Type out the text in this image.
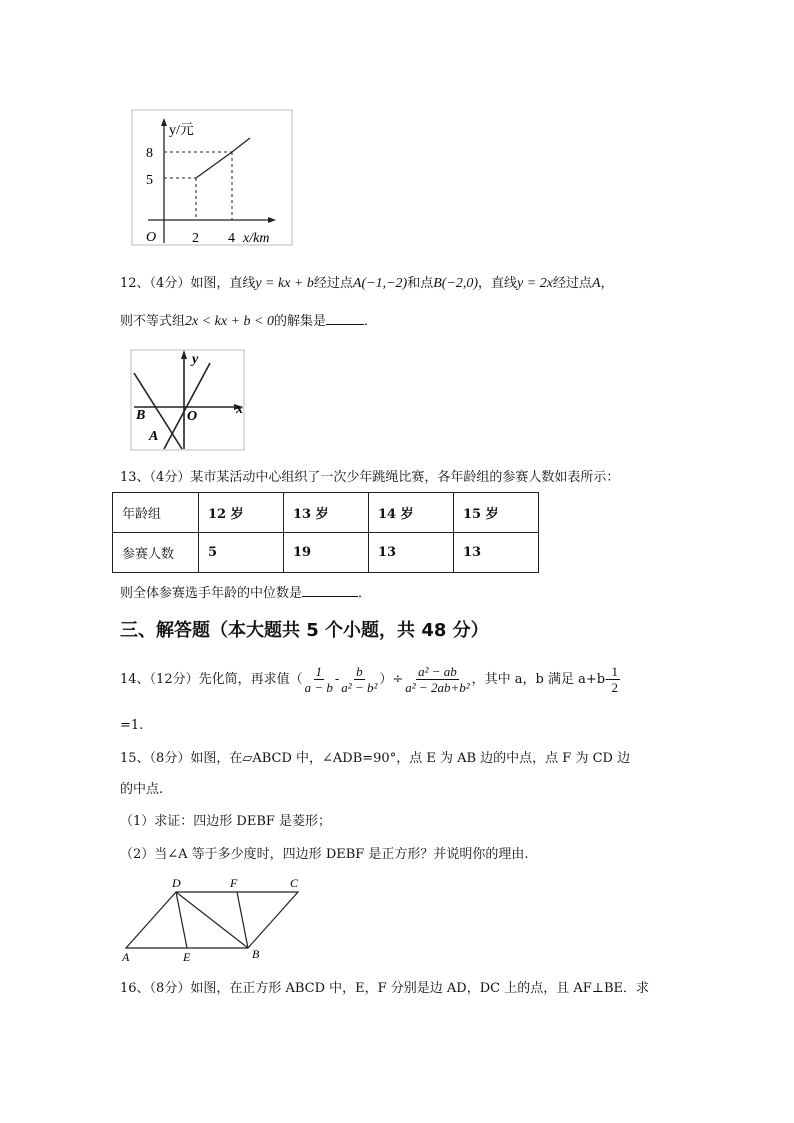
y/元
8
5
O	2 4 x/km
12、（4分）如图，直线y = kx + b经过点A(−1,−2)和点B(−2,0)，直线y = 2x经过点A，
则不等式组2x < kx + b < 0的解集是	．
y
x
B	O
A
13、（4分）某市某活动中心组织了一次少年跳绳比赛，各年龄组的参赛人数如表所示：
年龄组	12 岁	13 岁	14 岁	15 岁
参赛人数	5	19	13	13
则全体参赛选手年龄的中位数是	．
三、解答题（本大题共 5 个小题，共 48 分）
14、（12分）先化简，再求值（ $\frac{1}{a - b} - \frac{b}{\text{a² − b²}}$ ）÷ $\frac{\text{a² − ab}}{\text{a² − 2ab+b²}}$ ，其中 a，b 满足 $a+b- \frac{1}{2}$
=1.
15、（8分）如图，在▱ABCD 中，∠ADB=90°，点 E 为 AB 边的中点，点 F 为 CD 边
的中点.
（1）求证：四边形 DEBF 是菱形；
（2）当∠A 等于多少度时，四边形 DEBF 是正方形？并说明你的理由.
D	F	C
A	E	B
16、（8分）如图，在正方形 ABCD 中，E，F 分别是边 AD，DC 上的点，且 AF⊥BE．求
